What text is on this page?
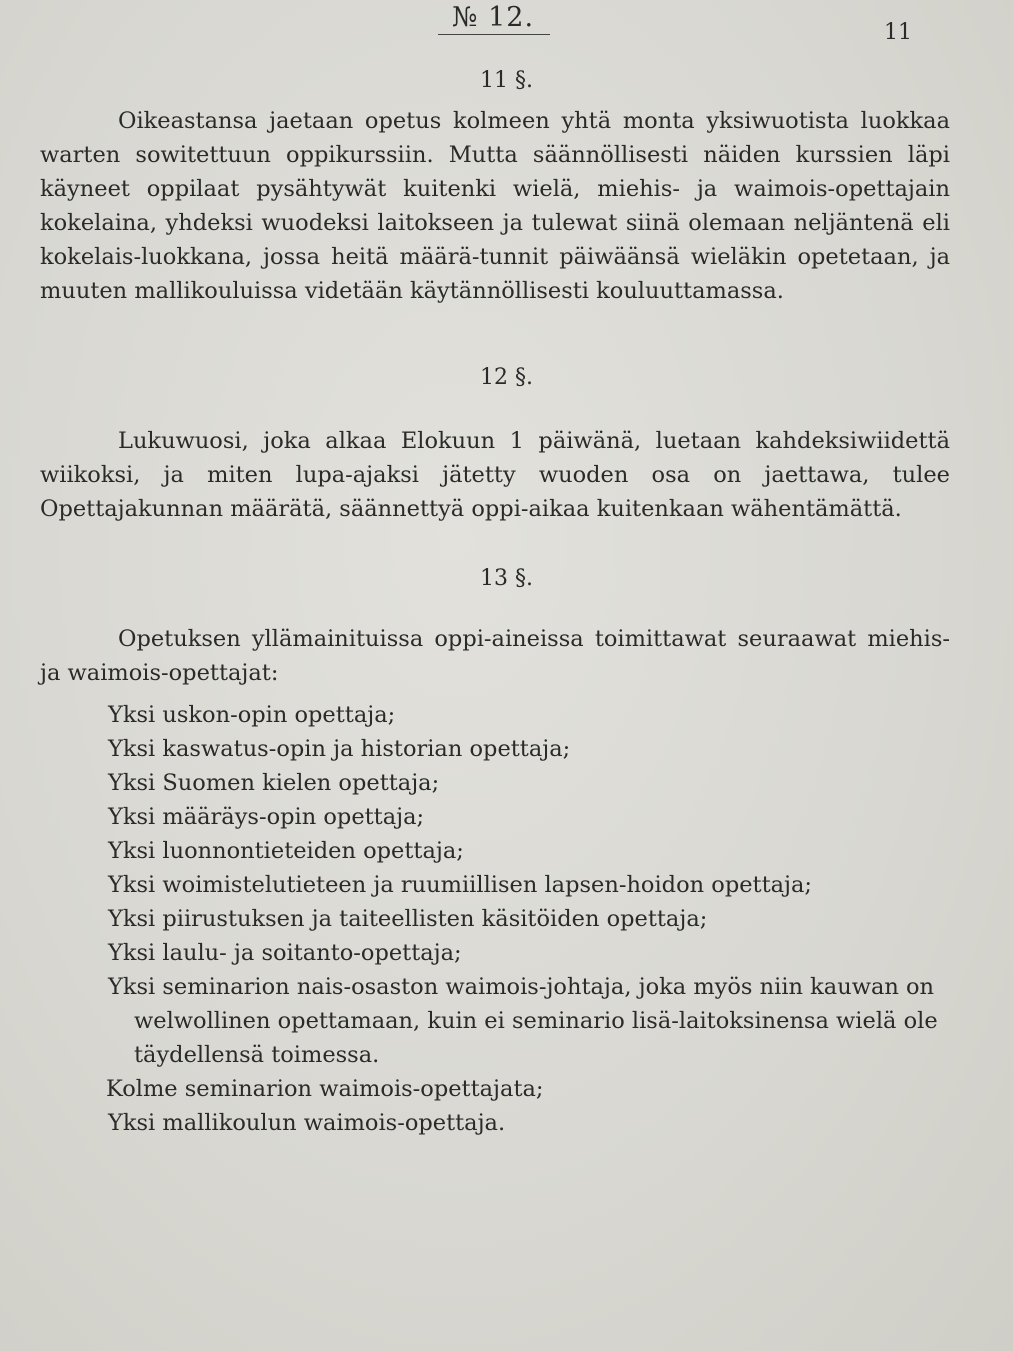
№ 12.	11
11 §.

Oikeastansa jaetaan opetus kolmeen yhtä monta yksiwuotista luokkaa warten sowitettuun oppikurssiin. Mutta säännöllisesti näiden kurssien läpi käyneet oppilaat pysähtywät kuitenki wielä, miehis- ja waimois-opettajain kokelaina, yhdeksi wuodeksi laitokseen ja tulewat siinä olemaan neljäntenä eli kokelais-luokkana, jossa heitä määrä-tunnit päiwäänsä wieläkin opetetaan, ja muuten mallikouluissa videtään käytännöllisesti kouluuttamassa.

12 §.

Lukuwuosi, joka alkaa Elokuun 1 päiwänä, luetaan kahdeksiwiidettä wiikoksi, ja miten lupa-ajaksi jätetty wuoden osa on jaettawa, tulee Opettajakunnan määrätä, säännettyä oppi-aikaa kuitenkaan wähentämättä.

13 §.

Opetuksen yllämainituissa oppi-aineissa toimittawat seuraawat miehis- ja waimois-opettajat:

Yksi uskon-opin opettaja;
Yksi kaswatus-opin ja historian opettaja;
Yksi Suomen kielen opettaja;
Yksi määräys-opin opettaja;
Yksi luonnontieteiden opettaja;
Yksi woimistelutieteen ja ruumiillisen lapsen-hoidon opettaja;
Yksi piirustuksen ja taiteellisten käsitöiden opettaja;
Yksi laulu- ja soitanto-opettaja;
Yksi seminarion nais-osaston waimois-johtaja, joka myös niin kauwan on welwollinen opettamaan, kuin ei seminario lisä-laitoksinensa wielä ole täydellensä toimessa.
Kolme seminarion waimois-opettajata;
Yksi mallikoulun waimois-opettaja.
